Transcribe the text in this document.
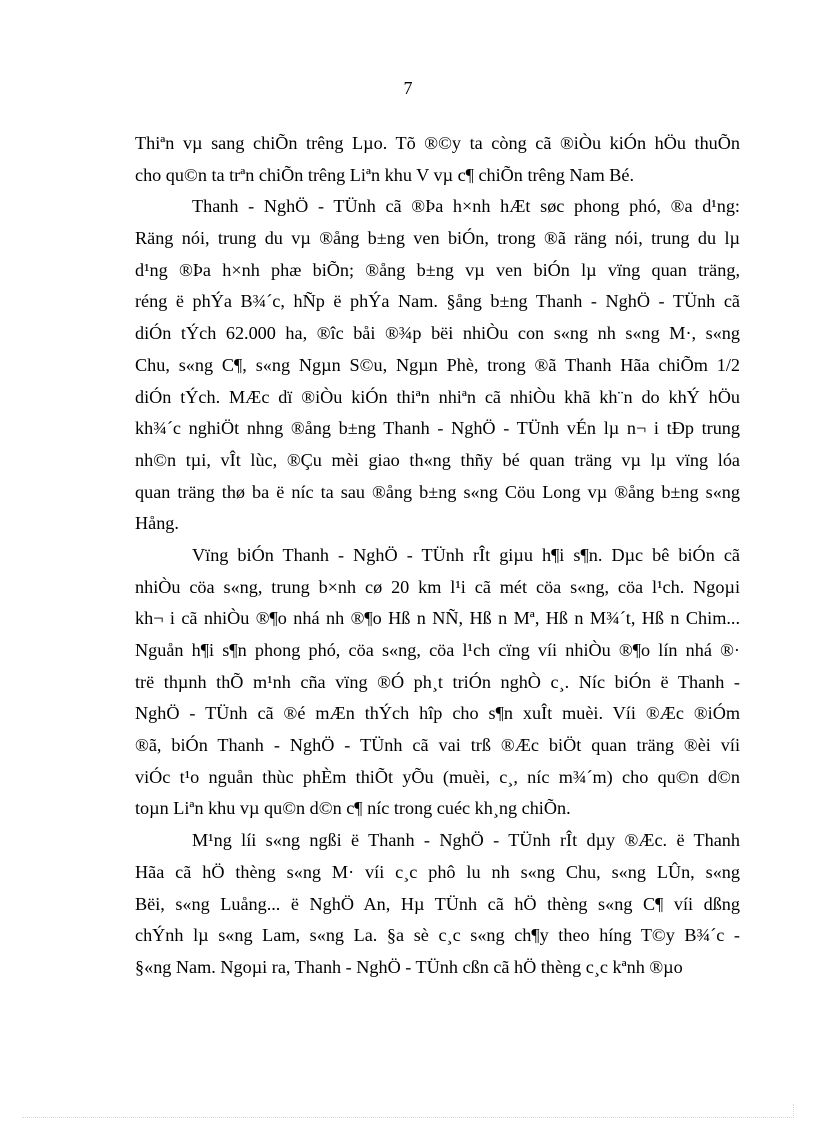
7
Thiªn vµ sang chiÕn trêng Lµo. Tõ ®©y ta còng cã ®iÒu kiÓn hÖu thuÕn
cho qu©n ta trªn chiÕn trêng Liªn khu V vµ c¶ chiÕn trêng Nam Bé.
Thanh - NghÖ - TÜnh cã ®Þа h×nh hÆt søc phong phó, ®a d¹ng:
Räng nói, trung du vµ ®ång b±ng ven biÓn, trong ®ã räng nói, trung du lµ
d¹ng ®Þa h×nh phæ biÕn; ®ång b±ng vµ ven biÓn lµ vïng quan träng,
réng ë phÝa B¾´c, hÑp ë phÝa Nam. §ång b±ng Thanh - NghÖ - TÜnh cã
diÓn tÝch 62.000 ha, ®îc båi ®¾p bëi nhiÒu con s«ng nh s«ng M·, s«ng
Chu, s«ng C¶, s«ng Ngµn S©u, Ngµn Phè, trong ®ã Thanh Hãa chiÕm 1/2
diÓn tÝch. MÆc dï ®iÒu kiÓn thiªn nhiªn cã nhiÒu khã kh¨n do khÝ hÖu
kh¾´c nghiÖt nhng ®ång b±ng Thanh - NghÖ - TÜnh vÉn lµ n¬ i tÐp trung
nh©n tµi, vÎt lùc, ®Çu mèi giao th«ng thñy bé quan träng vµ lµ vïng lóa
quan träng thø ba ë níc ta sau ®ång b±ng s«ng Cöu Long vµ ®ång b±ng s«ng
Hång.
Vïng biÓn Thanh - NghÖ - TÜnh rÎt giµu h¶i s¶n. Dµc bê biÓn cã
nhiÒu cöa s«ng, trung b×nh cø 20 km l¹i cã mét cöa s«ng, cöa l¹ch. Ngoµi
kh¬ i cã nhiÒu ®¶o nhá nh ®¶o Hß n NÑ, Hß n Mª, Hß n M¾´t, Hß n Chim...
Nguån h¶i s¶n phong phó, cöa s«ng, cöa l¹ch cïng víi nhiÒu ®¶o lín nhá ®·
trë thµnh thÕ m¹nh cña vïng ®Ó ph¸t triÓn nghÒ c¸. Níc biÓn ë Thanh -
NghÖ - TÜnh cã ®é mÆn thÝch hîp cho s¶n xuÎt muèi. Víi ®Æc ®iÓm
®ã, biÓn Thanh - NghÖ - TÜnh cã vai trß ®Æc biÖt quan träng ®èi víi
viÓc t¹o nguån thùc phÈm thiÕt yÕu (muèi, c¸, níc m¾´m) cho qu©n d©n
toµn Liªn khu vµ qu©n d©n c¶ níc trong cuéc kh¸ng chiÕn.
M¹ng líi s«ng ngßi ë Thanh - NghÖ - TÜnh rÎt dµy ®Æc. ë Thanh
Hãa cã hÖ thèng s«ng M· víi c¸c phô lu nh s«ng Chu, s«ng LÛn, s«ng
Bëi, s«ng Luång... ë NghÖ An, Hµ TÜnh cã hÖ thèng s«ng C¶ víi dßng
chÝnh lµ s«ng Lam, s«ng La. §a sè c¸c s«ng ch¶y theo híng T©y B¾´c -
§«ng Nam. Ngoµi ra, Thanh - NghÖ - TÜnh cßn cã hÖ thèng c¸c kªnh ®µo
